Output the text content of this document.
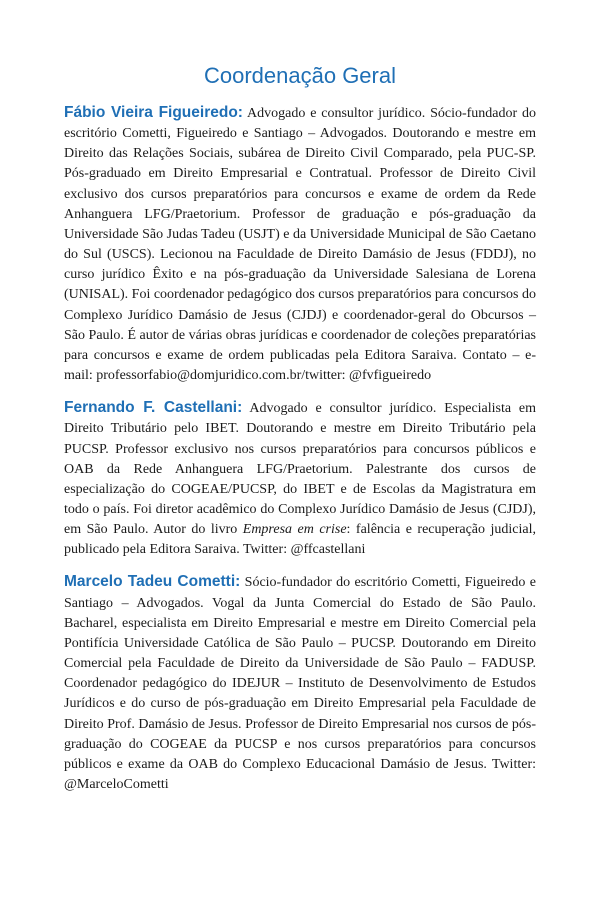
Coordenação Geral

Fábio Vieira Figueiredo: Advogado e consultor jurídico. Sócio-fundador do escritório Cometti, Figueiredo e Santiago – Advogados. Doutorando e mestre em Direito das Relações Sociais, subárea de Direito Civil Comparado, pela PUC-SP. Pós-graduado em Direito Empresarial e Contratual. Professor de Direito Civil exclusivo dos cursos preparatórios para concursos e exame de ordem da Rede Anhanguera LFG/Praetorium. Professor de graduação e pós-graduação da Universidade São Judas Tadeu (USJT) e da Universidade Municipal de São Caetano do Sul (USCS). Lecionou na Faculdade de Direito Damásio de Jesus (FDDJ), no curso jurídico Êxito e na pós-graduação da Universidade Salesiana de Lorena (UNISAL). Foi coordenador pedagógico dos cursos preparatórios para concursos do Complexo Jurídico Damásio de Jesus (CJDJ) e coordenador-geral do Obcursos – São Paulo. É autor de várias obras jurídicas e coordenador de coleções preparatórias para concursos e exame de ordem publicadas pela Editora Saraiva. Contato – e-mail: professorfabio@domjuridico.com.br/twitter: @fvfigueiredo

Fernando F. Castellani: Advogado e consultor jurídico. Especialista em Direito Tributário pelo IBET. Doutorando e mestre em Direito Tributário pela PUCSP. Professor exclusivo nos cursos preparatórios para concursos públicos e OAB da Rede Anhanguera LFG/Praetorium. Palestrante dos cursos de especialização do COGEAE/PUCSP, do IBET e de Escolas da Magistratura em todo o país. Foi diretor acadêmico do Complexo Jurídico Damásio de Jesus (CJDJ), em São Paulo. Autor do livro Empresa em crise: falência e recuperação judicial, publicado pela Editora Saraiva. Twitter: @ffcastellani

Marcelo Tadeu Cometti: Sócio-fundador do escritório Cometti, Figueiredo e Santiago – Advogados. Vogal da Junta Comercial do Estado de São Paulo. Bacharel, especialista em Direito Empresarial e mestre em Direito Comercial pela Pontifícia Universidade Católica de São Paulo – PUCSP. Doutorando em Direito Comercial pela Faculdade de Direito da Universidade de São Paulo – FADUSP. Coordenador pedagógico do IDEJUR – Instituto de Desenvolvimento de Estudos Jurídicos e do curso de pós-graduação em Direito Empresarial pela Faculdade de Direito Prof. Damásio de Jesus. Professor de Direito Empresarial nos cursos de pós-graduação do COGEAE da PUCSP e nos cursos preparatórios para concursos públicos e exame da OAB do Complexo Educacional Damásio de Jesus. Twitter: @MarceloCometti
